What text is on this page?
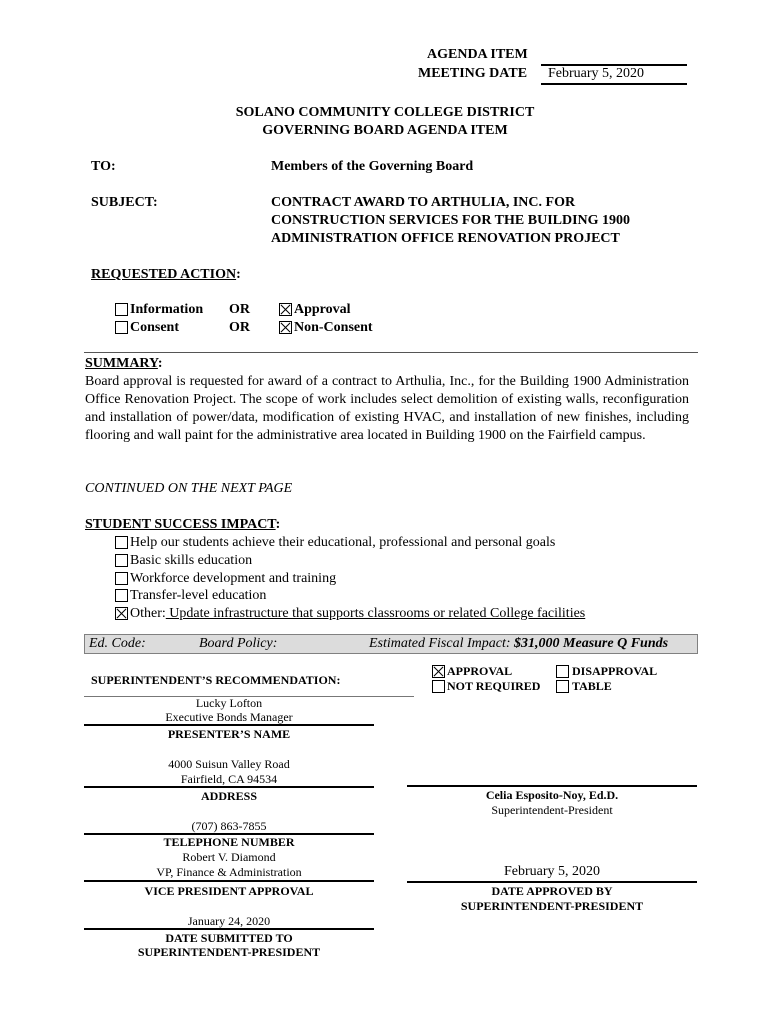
AGENDA ITEM
MEETING DATE February 5, 2020
SOLANO COMMUNITY COLLEGE DISTRICT
GOVERNING BOARD AGENDA ITEM
TO:	Members of the Governing Board
SUBJECT:	CONTRACT AWARD TO ARTHULIA, INC. FOR
CONSTRUCTION SERVICES FOR THE BUILDING 1900
ADMINISTRATION OFFICE RENOVATION PROJECT
REQUESTED ACTION:
Information OR	Approval
Consent	OR	Non-Consent
SUMMARY:
Board approval is requested for award of a contract to Arthulia, Inc., for the Building 1900 Administration Office Renovation Project. The scope of work includes select demolition of existing walls, reconfiguration and installation of power/data, modification of existing HVAC, and installation of new finishes, including flooring and wall paint for the administrative area located in Building 1900 on the Fairfield campus.
CONTINUED ON THE NEXT PAGE
STUDENT SUCCESS IMPACT:
Help our students achieve their educational, professional and personal goals
Basic skills education
Workforce development and training
Transfer-level education
Other: Update infrastructure that supports classrooms or related College facilities
Ed. Code:	Board Policy:	Estimated Fiscal Impact: $31,000 Measure Q Funds
SUPERINTENDENT’S RECOMMENDATION:
APPROVAL	DISAPPROVAL
NOT REQUIRED	TABLE
Lucky Lofton
Executive Bonds Manager
PRESENTER’S NAME
4000 Suisun Valley Road
Fairfield, CA 94534
ADDRESS
(707) 863-7855
TELEPHONE NUMBER
Robert V. Diamond
VP, Finance & Administration
VICE PRESIDENT APPROVAL
January 24, 2020
DATE SUBMITTED TO
SUPERINTENDENT-PRESIDENT
Celia Esposito-Noy, Ed.D.
Superintendent-President
February 5, 2020
DATE APPROVED BY
SUPERINTENDENT-PRESIDENT
